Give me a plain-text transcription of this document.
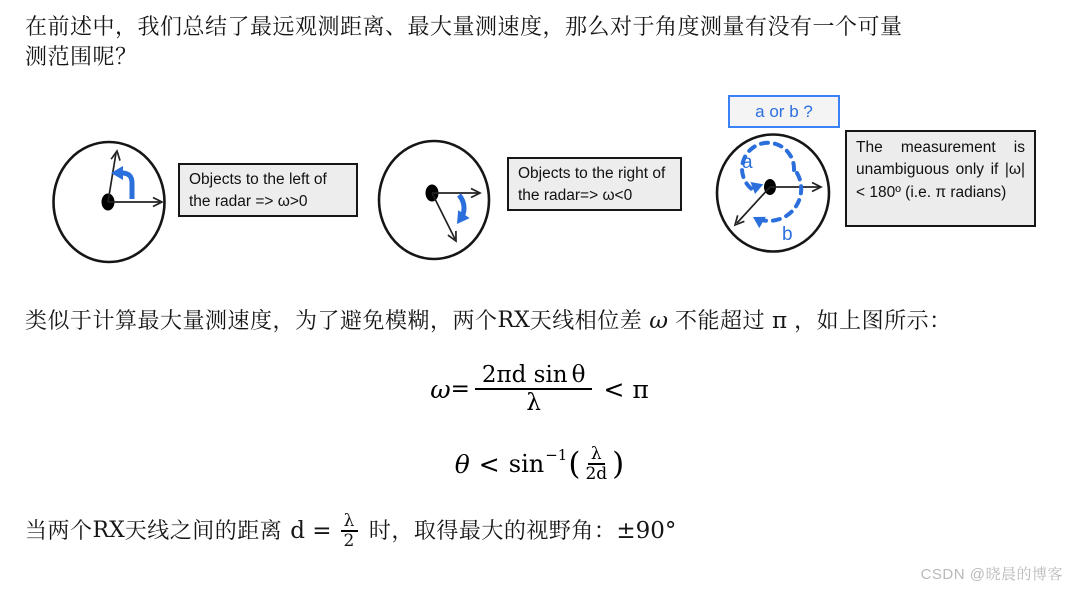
在前述中，我们总结了最远观测距离、最大量测速度，那么对于角度测量有没有一个可量
测范围呢？
Objects to the left of the radar => ω>0
Objects to the right of the radar=> ω<0
a or b ?
a
b
The measurement is unambiguous only if |ω| < 180º (i.e. π radians)
类似于计算最大量测速度，为了避免模糊，两个 RX 天线相位差 ω 不能超过 π ，如上图所示：
$\omega = \frac{\text{2πd sin θ}}{\lambda} < \pi$
θ < sin −1 ( $\frac{\lambda}{2d}$ )
当两个 RX 天线之间的距离 $d = \frac{\lambda}{2}$ 时，取得最大的视野角： ±90°
CSDN @晓晨的博客
